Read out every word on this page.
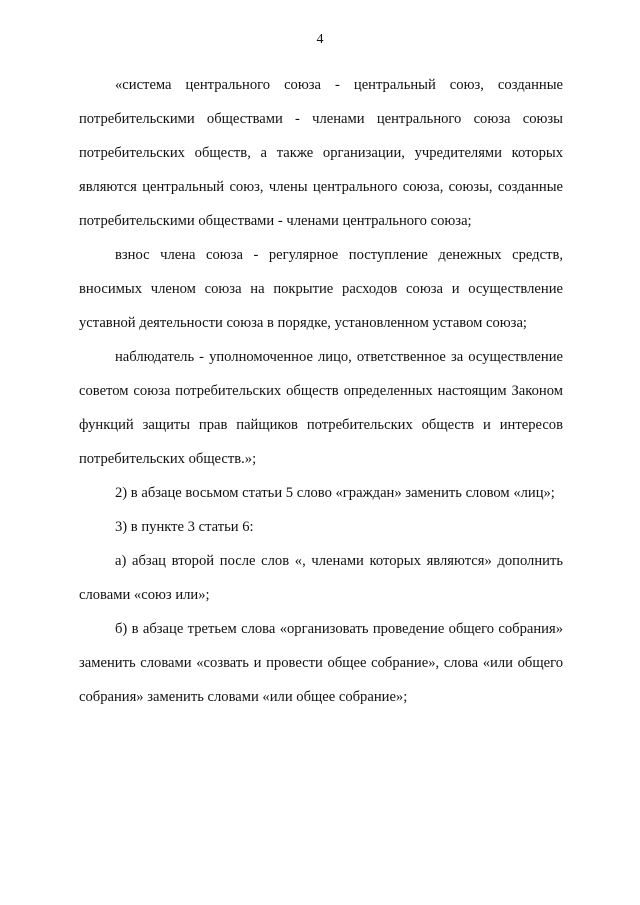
4

«система центрального союза - центральный союз, созданные потребительскими обществами - членами центрального союза союзы потребительских обществ, а также организации, учредителями которых являются центральный союз, члены центрального союза, союзы, созданные потребительскими обществами - членами центрального союза;

взнос члена союза - регулярное поступление денежных средств, вносимых членом союза на покрытие расходов союза и осуществление уставной деятельности союза в порядке, установленном уставом союза;

наблюдатель - уполномоченное лицо, ответственное за осуществление советом союза потребительских обществ определенных настоящим Законом функций защиты прав пайщиков потребительских обществ и интересов потребительских обществ.»;

2) в абзаце восьмом статьи 5 слово «граждан» заменить словом «лиц»;

3) в пункте 3 статьи 6:

а) абзац второй после слов «, членами которых являются» дополнить словами «союз или»;

б) в абзаце третьем слова «организовать проведение общего собрания» заменить словами «созвать и провести общее собрание», слова «или общего собрания» заменить словами «или общее собрание»;
